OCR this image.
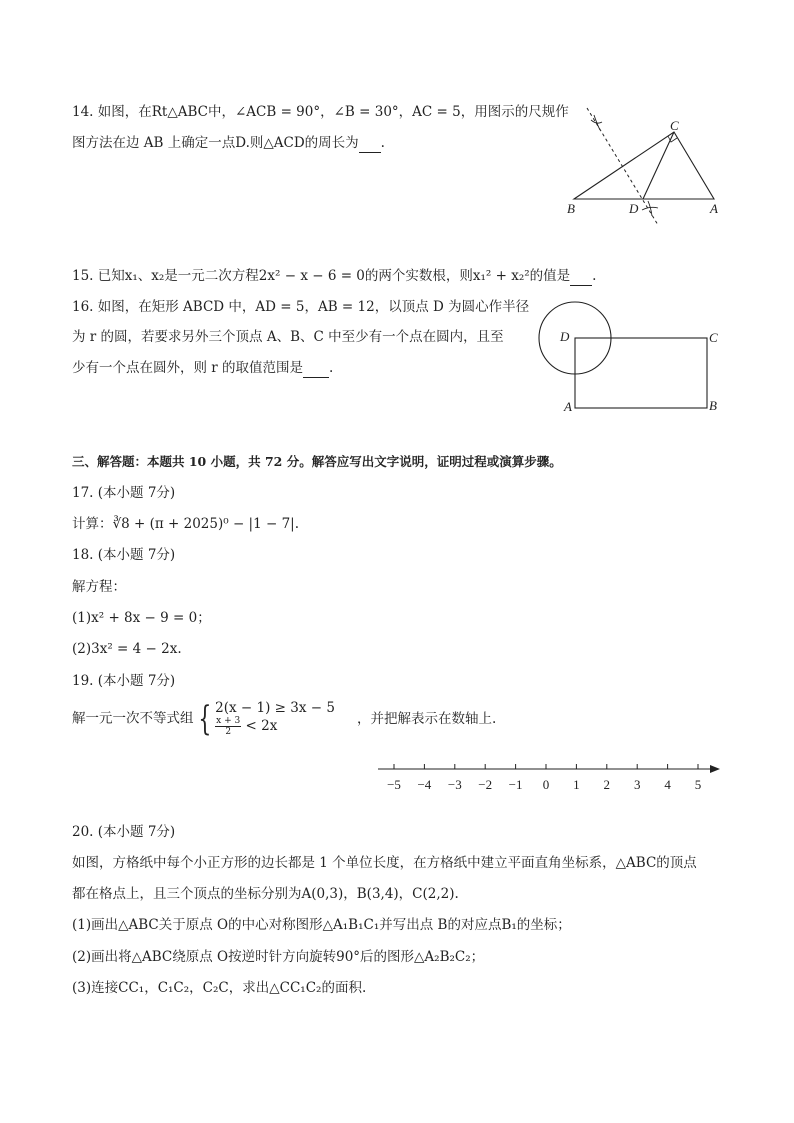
14. 如图，在Rt△ABC中，∠ACB = 90°，∠B = 30°，AC = 5，用图示的尺规作
图方法在边 AB 上确定一点D.则△ACD的周长为 .
C
B	D	A
15. 已知x₁、x₂是一元二次方程2x² − x − 6 = 0的两个实数根，则x₁² + x₂²的值是 .
16. 如图，在矩形 ABCD 中，AD = 5，AB = 12，以顶点 D 为圆心作半径
为 r 的圆，若要求另外三个顶点 A、B、C 中至少有一个点在圆内，且至
少有一个点在圆外，则 r 的取值范围是 .
D	C
A	B
三、解答题：本题共 10 小题，共 72 分。解答应写出文字说明，证明过程或演算步骤。
17. (本小题 7分)
计算：∛8 + (π + 2025)⁰ − |1 − 7|.
18. (本小题 7分)
解方程：
(1)x² + 8x − 9 = 0；
(2)3x² = 4 − 2x.
19. (本小题 7分)
解一元一次不等式组 { 2(x − 1) ≥ 3x − 5
$\frac{x + 3}{2} < 2x$	，并把解表示在数轴上.
−5 −4 −3 −2 −1 0 1 2 3 4 5
20. (本小题 7分)
如图，方格纸中每个小正方形的边长都是 1 个单位长度，在方格纸中建立平面直角坐标系，△ABC的顶点
都在格点上，且三个顶点的坐标分别为A(0,3)，B(3,4)，C(2,2).
(1)画出△ABC关于原点 O的中心对称图形△A₁B₁C₁并写出点 B的对应点B₁的坐标；
(2)画出将△ABC绕原点 O按逆时针方向旋转90°后的图形△A₂B₂C₂；
(3)连接CC₁，C₁C₂，C₂C，求出△CC₁C₂的面积.
